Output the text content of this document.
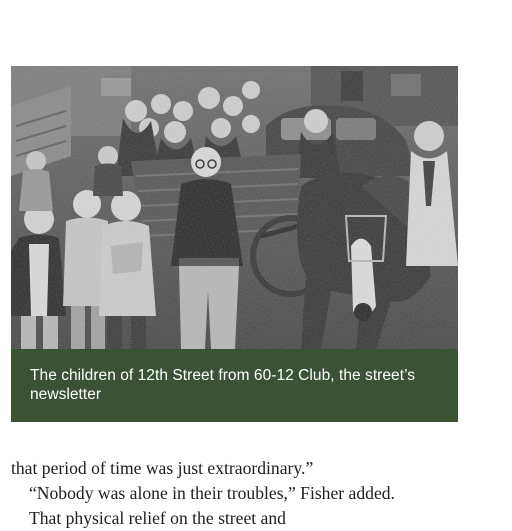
The children of 12th Street from 60-12 Club, the street’s newsletter

that period of time was just extraordinary.”

“Nobody was alone in their troubles,” Fisher added.

That physical relief on the street and
